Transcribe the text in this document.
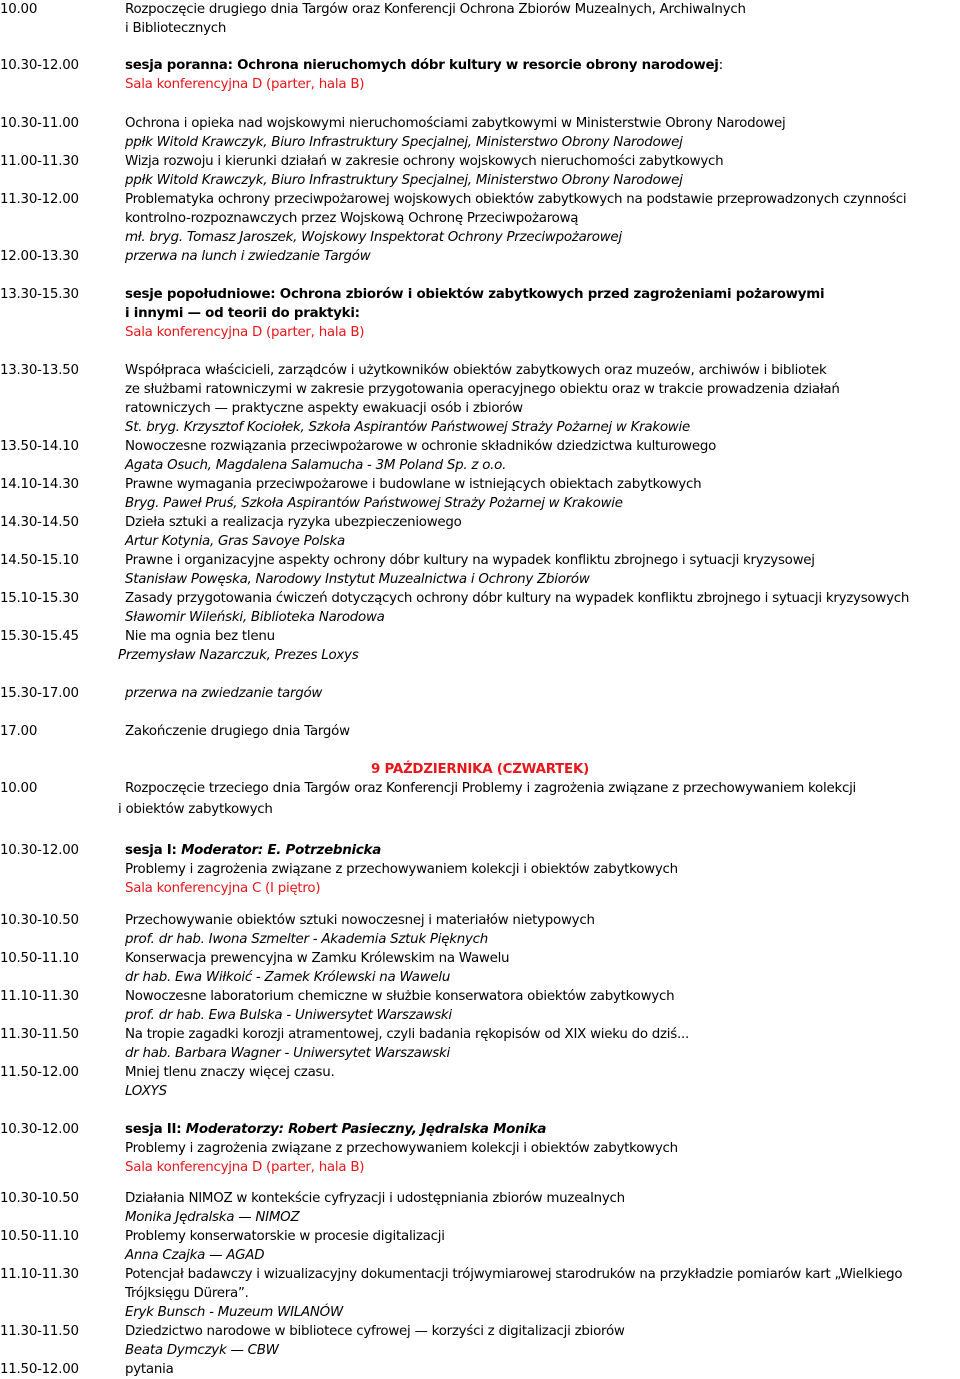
10.00	Rozpoczęcie drugiego dnia Targów oraz Konferencji Ochrona Zbiorów Muzealnych, Archiwalnych
i Bibliotecznych
10.30-12.00	sesja poranna: Ochrona nieruchomych dóbr kultury w resorcie obrony narodowej:
Sala konferencyjna D (parter, hala B)
10.30-11.00	Ochrona i opieka nad wojskowymi nieruchomościami zabytkowymi w Ministerstwie Obrony Narodowej
ppłk Witold Krawczyk, Biuro Infrastruktury Specjalnej, Ministerstwo Obrony Narodowej
11.00-11.30	Wizja rozwoju i kierunki działań w zakresie ochrony wojskowych nieruchomości zabytkowych
ppłk Witold Krawczyk, Biuro Infrastruktury Specjalnej, Ministerstwo Obrony Narodowej
11.30-12.00	Problematyka ochrony przeciwpożarowej wojskowych obiektów zabytkowych na podstawie przeprowadzonych czynności
kontrolno-rozpoznawczych przez Wojskową Ochronę Przeciwpożarową
mł. bryg. Tomasz Jaroszek, Wojskowy Inspektorat Ochrony Przeciwpożarowej
12.00-13.30	przerwa na lunch i zwiedzanie Targów
13.30-15.30	sesje popołudniowe: Ochrona zbiorów i obiektów zabytkowych przed zagrożeniami pożarowymi
i innymi — od teorii do praktyki:
Sala konferencyjna D (parter, hala B)
13.30-13.50	Współpraca właścicieli, zarządców i użytkowników obiektów zabytkowych oraz muzeów, archiwów i bibliotek
ze służbami ratowniczymi w zakresie przygotowania operacyjnego obiektu oraz w trakcie prowadzenia działań
ratowniczych — praktyczne aspekty ewakuacji osób i zbiorów
St. bryg. Krzysztof Kociołek, Szkoła Aspirantów Państwowej Straży Pożarnej w Krakowie
13.50-14.10	Nowoczesne rozwiązania przeciwpożarowe w ochronie składników dziedzictwa kulturowego
Agata Osuch, Magdalena Salamucha - 3M Poland Sp. z o.o.
14.10-14.30	Prawne wymagania przeciwpożarowe i budowlane w istniejących obiektach zabytkowych
Bryg. Paweł Pruś, Szkoła Aspirantów Państwowej Straży Pożarnej w Krakowie
14.30-14.50	Dzieła sztuki a realizacja ryzyka ubezpieczeniowego
Artur Kotynia, Gras Savoye Polska
14.50-15.10	Prawne i organizacyjne aspekty ochrony dóbr kultury na wypadek konfliktu zbrojnego i sytuacji kryzysowej
Stanisław Powęska, Narodowy Instytut Muzealnictwa i Ochrony Zbiorów
15.10-15.30	Zasady przygotowania ćwiczeń dotyczących ochrony dóbr kultury na wypadek konfliktu zbrojnego i sytuacji kryzysowych
Sławomir Wileński, Biblioteka Narodowa
15.30-15.45	Nie ma ognia bez tlenu
Przemysław Nazarczuk, Prezes Loxys
15.30-17.00	przerwa na zwiedzanie targów
17.00	Zakończenie drugiego dnia Targów
9 PAŹDZIERNIKA (CZWARTEK)
10.00	Rozpoczęcie trzeciego dnia Targów oraz Konferencji Problemy i zagrożenia związane z przechowywaniem kolekcji
i obiektów zabytkowych
10.30-12.00	sesja I: Moderator: E. Potrzebnicka
Problemy i zagrożenia związane z przechowywaniem kolekcji i obiektów zabytkowych
Sala konferencyjna C (I piętro)
10.30-10.50	Przechowywanie obiektów sztuki nowoczesnej i materiałów nietypowych
prof. dr hab. Iwona Szmelter - Akademia Sztuk Pięknych
10.50-11.10	Konserwacja prewencyjna w Zamku Królewskim na Wawelu
dr hab. Ewa Wiłkoić - Zamek Królewski na Wawelu
11.10-11.30	Nowoczesne laboratorium chemiczne w służbie konserwatora obiektów zabytkowych
prof. dr hab. Ewa Bulska - Uniwersytet Warszawski
11.30-11.50	Na tropie zagadki korozji atramentowej, czyli badania rękopisów od XIX wieku do dziś...
dr hab. Barbara Wagner - Uniwersytet Warszawski
11.50-12.00	Mniej tlenu znaczy więcej czasu.
LOXYS
10.30-12.00	sesja II: Moderatorzy: Robert Pasieczny, Jędralska Monika
Problemy i zagrożenia związane z przechowywaniem kolekcji i obiektów zabytkowych
Sala konferencyjna D (parter, hala B)
10.30-10.50	Działania NIMOZ w kontekście cyfryzacji i udostępniania zbiorów muzealnych
Monika Jędralska — NIMOZ
10.50-11.10	Problemy konserwatorskie w procesie digitalizacji
Anna Czajka — AGAD
11.10-11.30	Potencjał badawczy i wizualizacyjny dokumentacji trójwymiarowej starodruków na przykładzie pomiarów kart „Wielkiego
Trójksięgu Dürera”.
Eryk Bunsch - Muzeum WILANÓW
11.30-11.50	Dziedzictwo narodowe w bibliotece cyfrowej — korzyści z digitalizacji zbiorów
Beata Dymczyk — CBW
11.50-12.00	pytania
